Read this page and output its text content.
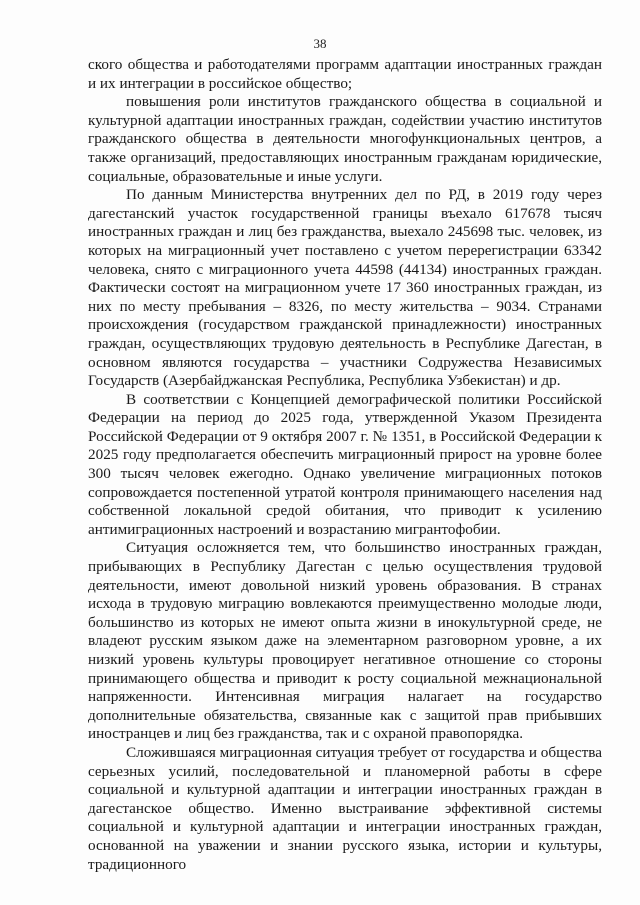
38

ского общества и работодателями программ адаптации иностранных граждан и их интеграции в российское общество;

повышения роли институтов гражданского общества в социальной и культурной адаптации иностранных граждан, содействии участию институтов гражданского общества в деятельности многофункциональных центров, а также организаций, предоставляющих иностранным гражданам юридические, социальные, образовательные и иные услуги.

По данным Министерства внутренних дел по РД, в 2019 году через дагестанский участок государственной границы въехало 617678 тысяч иностранных граждан и лиц без гражданства, выехало 245698 тыс. человек, из которых на миграционный учет поставлено с учетом перерегистрации 63342 человека, снято с миграционного учета 44598 (44134) иностранных граждан. Фактически состоят на миграционном учете 17 360 иностранных граждан, из них по месту пребывания – 8326, по месту жительства – 9034. Странами происхождения (государством гражданской принадлежности) иностранных граждан, осуществляющих трудовую деятельность в Республике Дагестан, в основном являются государства – участники Содружества Независимых Государств (Азербайджанская Республика, Республика Узбекистан) и др.

В соответствии с Концепцией демографической политики Российской Федерации на период до 2025 года, утвержденной Указом Президента Российской Федерации от 9 октября 2007 г. № 1351, в Российской Федерации к 2025 году предполагается обеспечить миграционный прирост на уровне более 300 тысяч человек ежегодно. Однако увеличение миграционных потоков сопровождается постепенной утратой контроля принимающего населения над собственной локальной средой обитания, что приводит к усилению антимиграционных настроений и возрастанию мигрантофобии.

Ситуация осложняется тем, что большинство иностранных граждан, прибывающих в Республику Дагестан с целью осуществления трудовой деятельности, имеют довольной низкий уровень образования. В странах исхода в трудовую миграцию вовлекаются преимущественно молодые люди, большинство из которых не имеют опыта жизни в инокультурной среде, не владеют русским языком даже на элементарном разговорном уровне, а их низкий уровень культуры провоцирует негативное отношение со стороны принимающего общества и приводит к росту социальной межнациональной напряженности. Интенсивная миграция налагает на государство дополнительные обязательства, связанные как с защитой прав прибывших иностранцев и лиц без гражданства, так и с охраной правопорядка.

Сложившаяся миграционная ситуация требует от государства и общества серьезных усилий, последовательной и планомерной работы в сфере социальной и культурной адаптации и интеграции иностранных граждан в дагестанское общество. Именно выстраивание эффективной системы социальной и культурной адаптации и интеграции иностранных граждан, основанной на уважении и знании русского языка, истории и культуры, традиционного
